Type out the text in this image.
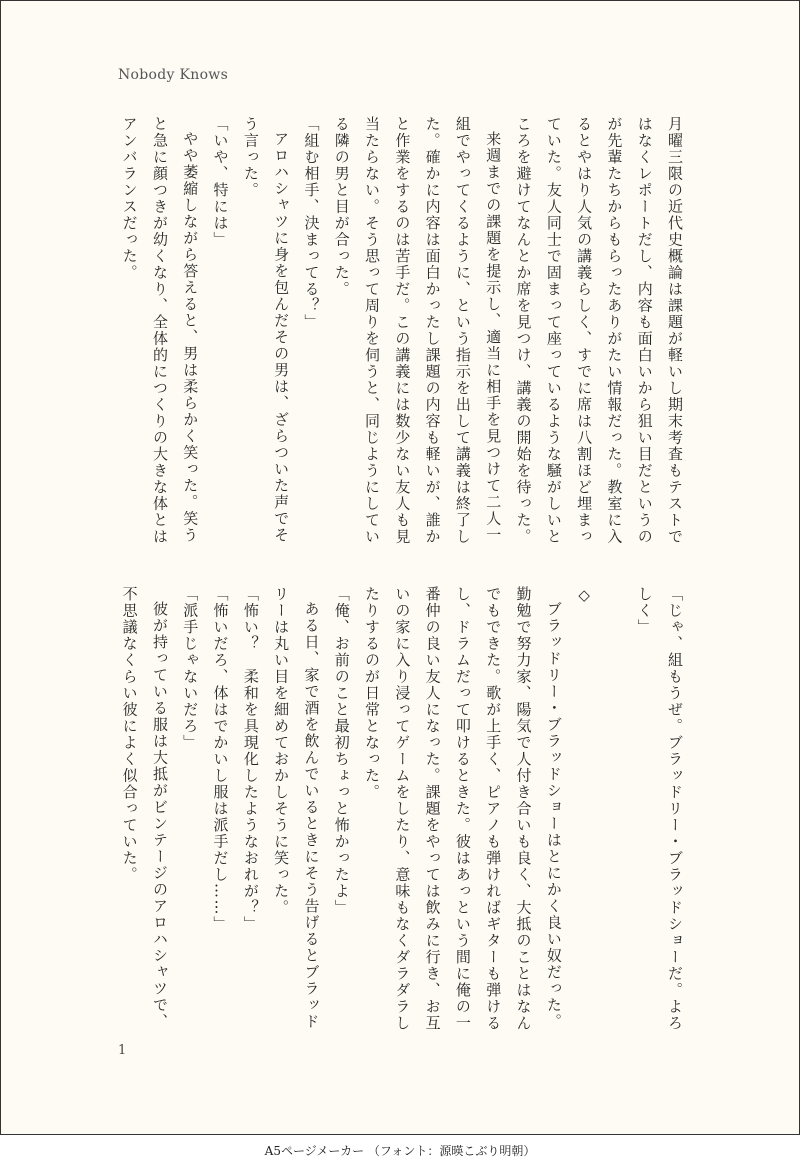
Nobody Knows

月曜三限の近代史概論は課題が軽いし期末考査もテストではなくレポートだし、内容も面白いから狙い目だというのが先輩たちからもらったありがたい情報だった。教室に入るとやはり人気の講義らしく、すでに席は八割ほど埋まっていた。友人同士で固まって座っているような騒がしいところを避けてなんとか席を見つけ、講義の開始を待った。

来週までの課題を提示し、適当に相手を見つけて二人一組でやってくるように、という指示を出して講義は終了した。確かに内容は面白かったし課題の内容も軽いが、誰かと作業をするのは苦手だ。この講義には数少ない友人も見当たらない。そう思って周りを伺うと、同じようにしている隣の男と目が合った。

「組む相手、決まってる？」

アロハシャツに身を包んだその男は、ざらついた声でそう言った。

「いや、特には」

やや萎縮しながら答えると、男は柔らかく笑った。笑うと急に顔つきが幼くなり、全体的につくりの大きな体とはアンバランスだった。

「じゃ、組もうぜ。ブラッドリー・ブラッドショーだ。よろしく」

◇

ブラッドリー・ブラッドショーはとにかく良い奴だった。勤勉で努力家、陽気で人付き合いも良く、大抵のことはなんでもできた。歌が上手く、ピアノも弾ければギターも弾けるし、ドラムだって叩けるときた。彼はあっという間に俺の一番仲の良い友人になった。課題をやっては飲みに行き、お互いの家に入り浸ってゲームをしたり、意味もなくダラダラしたりするのが日常となった。

「俺、お前のこと最初ちょっと怖かったよ」

ある日、家で酒を飲んでいるときにそう告げるとブラッドリーは丸い目を細めておかしそうに笑った。

「怖い？　柔和を具現化したようなおれが？」

「怖いだろ、体はでかいし服は派手だし……」

「派手じゃないだろ」

彼が持っている服は大抵がビンテージのアロハシャツで、不思議なくらい彼によく似合っていた。

1
A5ページメーカー （フォント：源暎こぶり明朝）
